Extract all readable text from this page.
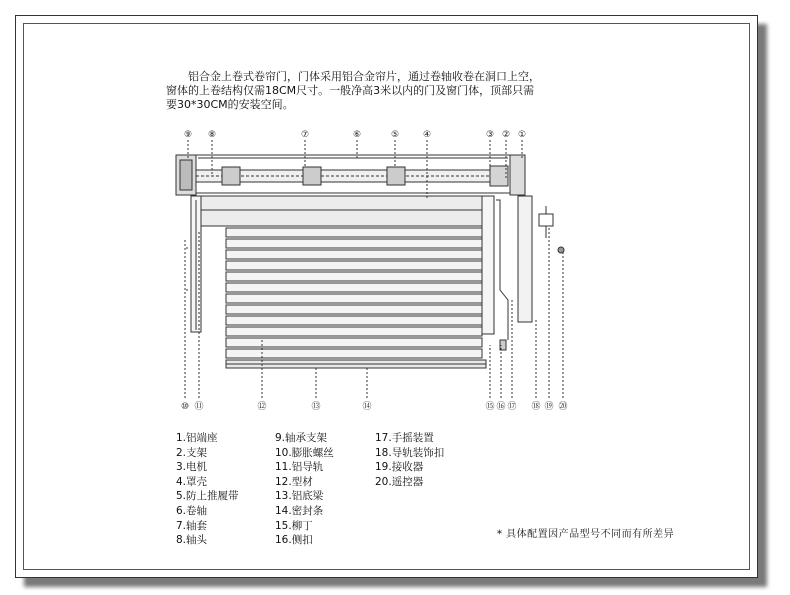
铝合金上卷式卷帘门，门体采用铝合金帘片，通过卷轴收卷在洞口上空，
窗体的上卷结构仅需18CM尺寸。一般净高3米以内的门及窗门体，顶部只需
要30*30CM的安装空间。

⑨ ⑧	⑦	⑥	⑤	④	③ ② ①
⑩ ⑪	⑫	⑬	⑭	⑮ ⑯ ⑰ ⑱ ⑲ ⑳
1.铝端座
2.支架
3.电机
4.罩壳
5.防上推履带
6.卷轴
7.轴套
8.轴头
9.轴承支架
10.膨胀螺丝
11.铝导轨
12.型材
13.铝底梁
14.密封条
15.柳丁
16.侧扣
17.手摇装置
18.导轨装饰扣
19.接收器
20.遥控器
* 具体配置因产品型号不同而有所差异
